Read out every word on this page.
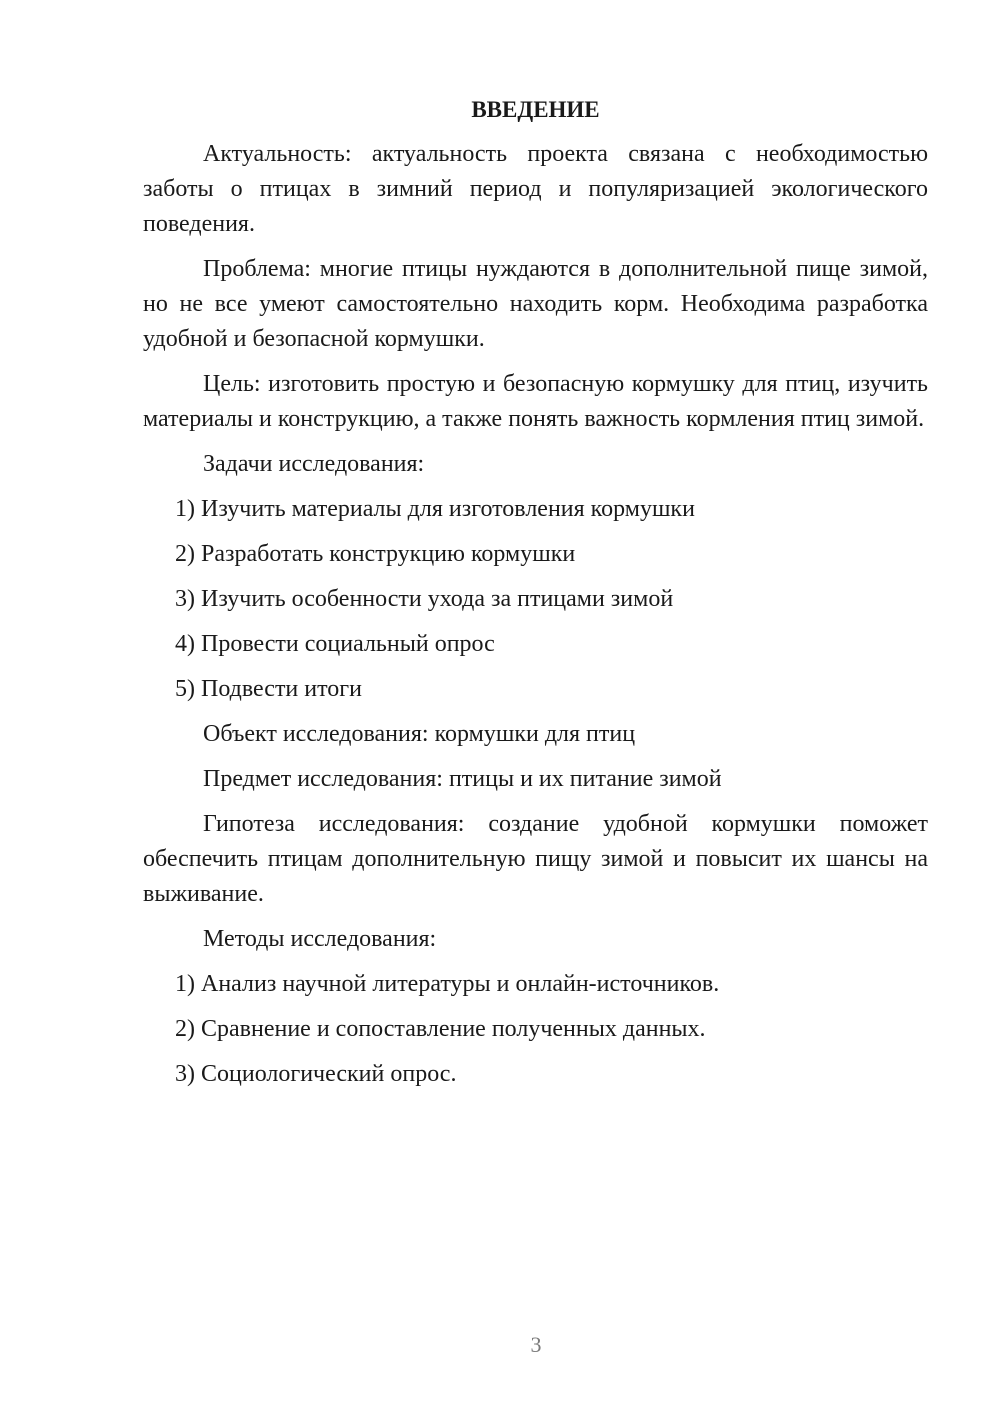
ВВЕДЕНИЕ

Актуальность: актуальность проекта связана с необходимостью заботы о птицах в зимний период и популяризацией экологического поведения.

Проблема: многие птицы нуждаются в дополнительной пище зимой, но не все умеют самостоятельно находить корм. Необходима разработка удобной и безопасной кормушки.

Цель: изготовить простую и безопасную кормушку для птиц, изучить материалы и конструкцию, а также понять важность кормления птиц зимой.

Задачи исследования:

1) Изучить материалы для изготовления кормушки
2) Разработать конструкцию кормушки
3) Изучить особенности ухода за птицами зимой
4) Провести социальный опрос
5) Подвести итоги

Объект исследования: кормушки для птиц

Предмет исследования: птицы и их питание зимой

Гипотеза исследования: создание удобной кормушки поможет обеспечить птицам дополнительную пищу зимой и повысит их шансы на выживание.

Методы исследования:

1) Анализ научной литературы и онлайн-источников.
2) Сравнение и сопоставление полученных данных.
3) Социологический опрос.
3
